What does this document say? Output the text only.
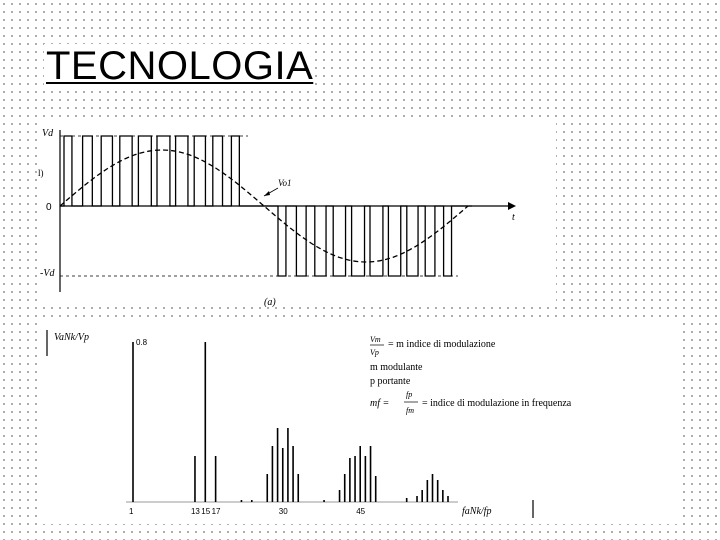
TECNOLOGIA
Vd
-Vd
0
l)
t
Vo1
(a)
VaNk/Vp	0.8
1	13 15 17	30	45	faNk/fp
Vm
Vp
= m indice di modulazione
m modulante
p portante
mf =
fp
fm
= indice di modulazione in frequenza
